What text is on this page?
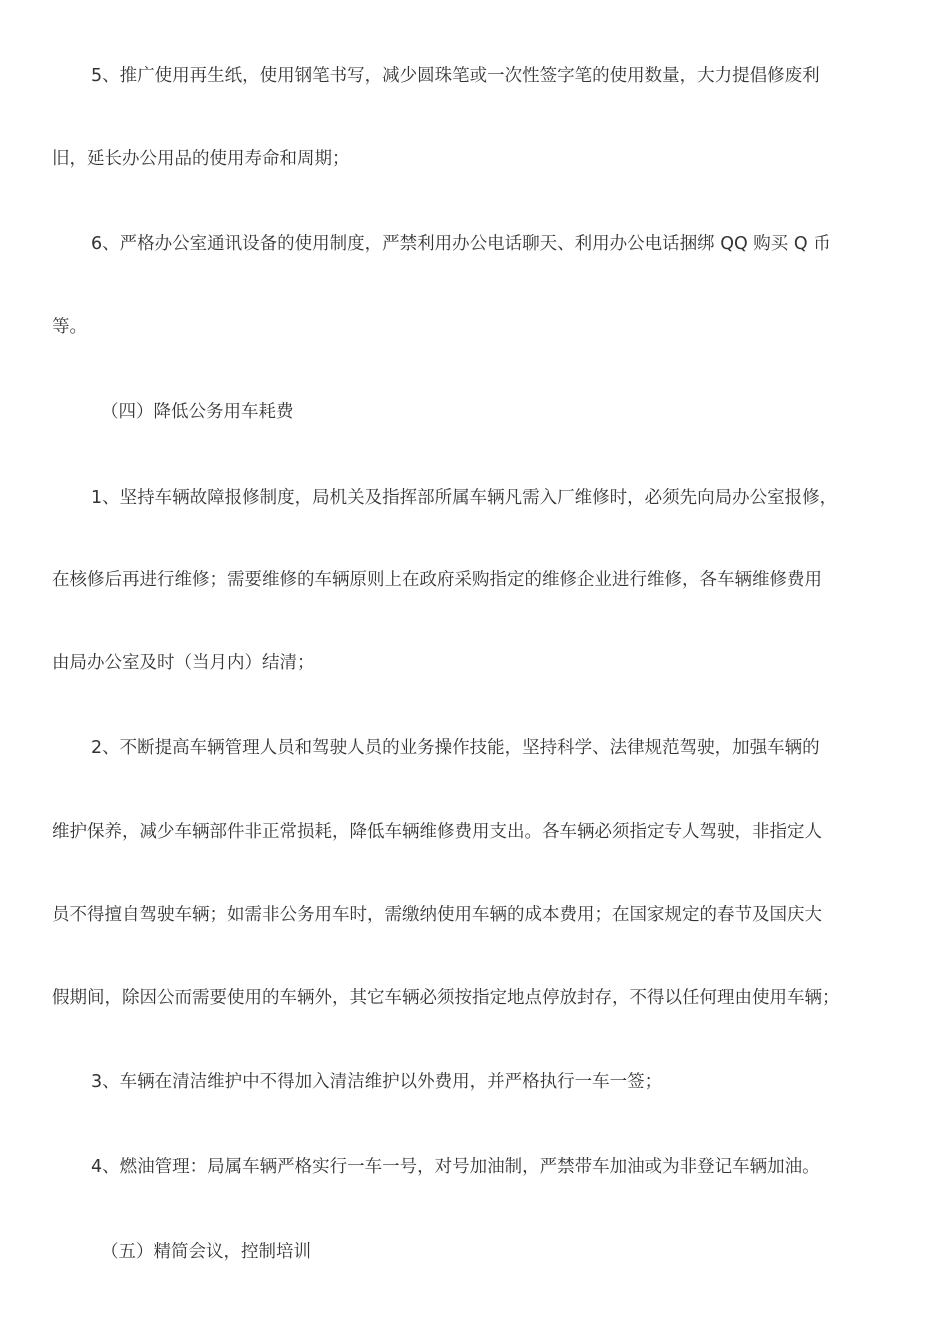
5、推广使用再生纸，使用钢笔书写，减少圆珠笔或一次性签字笔的使用数量，大力提倡修废利
旧，延长办公用品的使用寿命和周期；
6、严格办公室通讯设备的使用制度，严禁利用办公电话聊天、利用办公电话捆绑 QQ 购买 Q 币
等。
（四）降低公务用车耗费
1、坚持车辆故障报修制度，局机关及指挥部所属车辆凡需入厂维修时，必须先向局办公室报修，
在核修后再进行维修；需要维修的车辆原则上在政府采购指定的维修企业进行维修，各车辆维修费用
由局办公室及时（当月内）结清；
2、不断提高车辆管理人员和驾驶人员的业务操作技能，坚持科学、法律规范驾驶，加强车辆的
维护保养，减少车辆部件非正常损耗，降低车辆维修费用支出。各车辆必须指定专人驾驶，非指定人
员不得擅自驾驶车辆；如需非公务用车时，需缴纳使用车辆的成本费用；在国家规定的春节及国庆大
假期间，除因公而需要使用的车辆外，其它车辆必须按指定地点停放封存，不得以任何理由使用车辆；
3、车辆在清洁维护中不得加入清洁维护以外费用，并严格执行一车一签；
4、燃油管理：局属车辆严格实行一车一号，对号加油制，严禁带车加油或为非登记车辆加油。
（五）精简会议，控制培训
